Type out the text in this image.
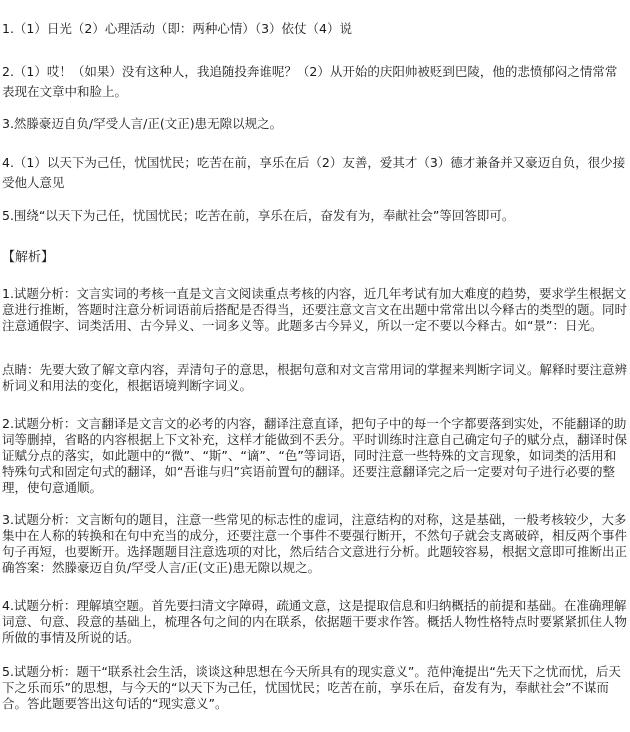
1.（1）日光（2）心理活动（即：两种心情）（3）依仗（4）说
2.（1）哎！（如果）没有这种人，我追随投奔谁呢？（2）从开始的庆阳帅被贬到巴陵，他的悲愤郁闷之情常常表现在文章中和脸上。
3.然滕豪迈自负/罕受人言/正(文正)患无隙以规之。
4.（1）以天下为己任，忧国忧民；吃苦在前，享乐在后（2）友善，爱其才（3）德才兼备并又豪迈自负，很少接受他人意见
5.围绕“以天下为己任，忧国忧民；吃苦在前，享乐在后，奋发有为，奉献社会”等回答即可。
【解析】
1.试题分析：文言实词的考核一直是文言文阅读重点考核的内容，近几年考试有加大难度的趋势，要求学生根据文意进行推断，答题时注意分析词语前后搭配是否得当，还要注意文言文在出题中常常出以今释古的类型的题。同时注意通假字、词类活用、古今异义、一词多义等。此题多古今异义，所以一定不要以今释古。如“景”：日光。
点睛：先要大致了解文章内容，弄清句子的意思，根据句意和对文言常用词的掌握来判断字词义。解释时要注意辨析词义和用法的变化，根据语境判断字词义。
2.试题分析：文言翻译是文言文的必考的内容，翻译注意直译，把句子中的每一个字都要落到实处，不能翻译的助词等删掉，省略的内容根据上下文补充，这样才能做到不丢分。平时训练时注意自己确定句子的赋分点，翻译时保证赋分点的落实，如此题中的“微”、“斯”、“谪”、“色”等词语，同时注意一些特殊的文言现象，如词类的活用和特殊句式和固定句式的翻译，如“吾谁与归”宾语前置句的翻译。还要注意翻译完之后一定要对句子进行必要的整理，使句意通顺。
3.试题分析：文言断句的题目，注意一些常见的标志性的虚词，注意结构的对称，这是基础，一般考核较少，大多集中在人称的转换和在句中充当的成分，还要注意一个事件不要强行断开，不然句子就会支离破碎，相反两个事件句子再短，也要断开。选择题题目注意选项的对比，然后结合文意进行分析。此题较容易，根据文意即可推断出正确答案：然滕豪迈自负/罕受人言/正(文正)患无隙以规之。
4.试题分析：理解填空题。首先要扫清文字障碍，疏通文意，这是提取信息和归纳概括的前提和基础。在准确理解词意、句意、段意的基础上，梳理各句之间的内在联系，依据题干要求作答。概括人物性格特点时要紧紧抓住人物所做的事情及所说的话。
5.试题分析：题干“联系社会生活，谈谈这种思想在今天所具有的现实意义”。范仲淹提出“先天下之忧而忧，后天下之乐而乐”的思想，与今天的“以天下为己任，忧国忧民；吃苦在前，享乐在后，奋发有为，奉献社会”不谋而合。答此题要答出这句话的“现实意义”。
